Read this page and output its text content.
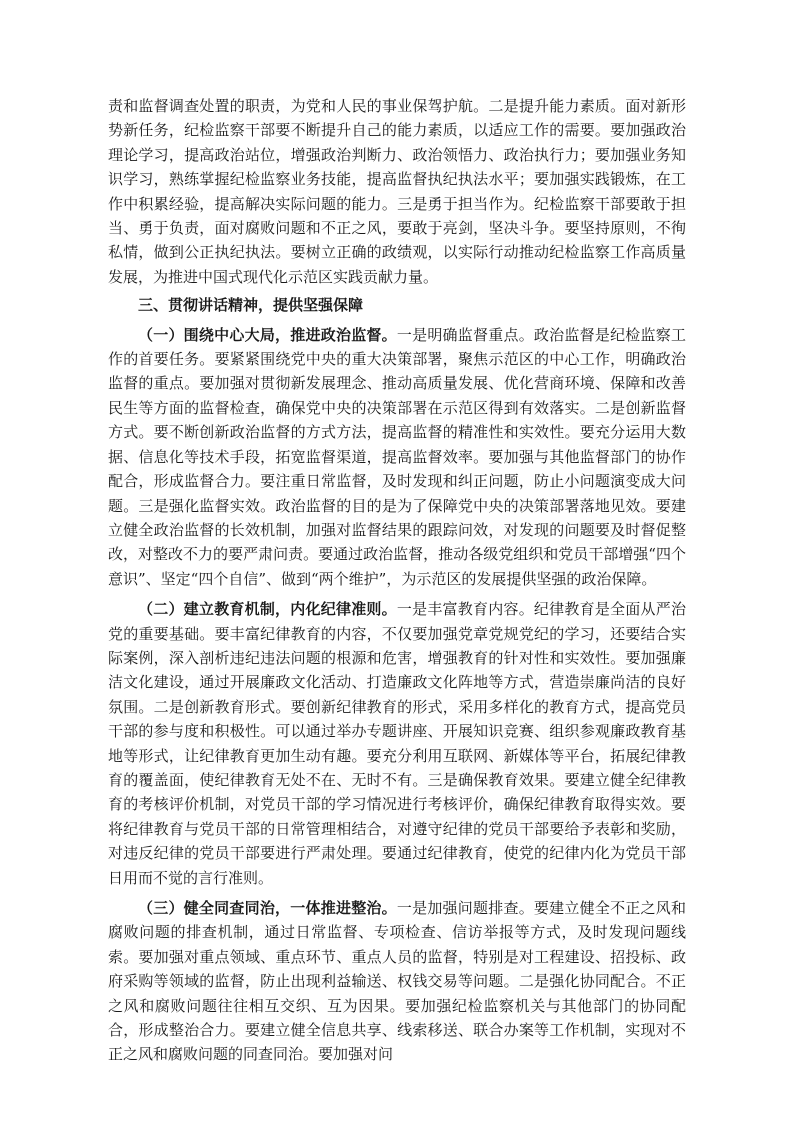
责和监督调查处置的职责，为党和人民的事业保驾护航。二是提升能力素质。面对新形势新任务，纪检监察干部要不断提升自己的能力素质，以适应工作的需要。要加强政治理论学习，提高政治站位，增强政治判断力、政治领悟力、政治执行力；要加强业务知识学习，熟练掌握纪检监察业务技能，提高监督执纪执法水平；要加强实践锻炼，在工作中积累经验，提高解决实际问题的能力。三是勇于担当作为。纪检监察干部要敢于担当、勇于负责，面对腐败问题和不正之风，要敢于亮剑，坚决斗争。要坚持原则，不徇私情，做到公正执纪执法。要树立正确的政绩观，以实际行动推动纪检监察工作高质量发展，为推进中国式现代化示范区实践贡献力量。

三、贯彻讲话精神，提供坚强保障

（一）围绕中心大局，推进政治监督。一是明确监督重点。政治监督是纪检监察工作的首要任务。要紧紧围绕党中央的重大决策部署，聚焦示范区的中心工作，明确政治监督的重点。要加强对贯彻新发展理念、推动高质量发展、优化营商环境、保障和改善民生等方面的监督检查，确保党中央的决策部署在示范区得到有效落实。二是创新监督方式。要不断创新政治监督的方式方法，提高监督的精准性和实效性。要充分运用大数据、信息化等技术手段，拓宽监督渠道，提高监督效率。要加强与其他监督部门的协作配合，形成监督合力。要注重日常监督，及时发现和纠正问题，防止小问题演变成大问题。三是强化监督实效。政治监督的目的是为了保障党中央的决策部署落地见效。要建立健全政治监督的长效机制，加强对监督结果的跟踪问效，对发现的问题要及时督促整改，对整改不力的要严肃问责。要通过政治监督，推动各级党组织和党员干部增强“四个意识”、坚定“四个自信”、做到“两个维护”，为示范区的发展提供坚强的政治保障。

（二）建立教育机制，内化纪律准则。一是丰富教育内容。纪律教育是全面从严治党的重要基础。要丰富纪律教育的内容，不仅要加强党章党规党纪的学习，还要结合实际案例，深入剖析违纪违法问题的根源和危害，增强教育的针对性和实效性。要加强廉洁文化建设，通过开展廉政文化活动、打造廉政文化阵地等方式，营造崇廉尚洁的良好氛围。二是创新教育形式。要创新纪律教育的形式，采用多样化的教育方式，提高党员干部的参与度和积极性。可以通过举办专题讲座、开展知识竞赛、组织参观廉政教育基地等形式，让纪律教育更加生动有趣。要充分利用互联网、新媒体等平台，拓展纪律教育的覆盖面，使纪律教育无处不在、无时不有。三是确保教育效果。要建立健全纪律教育的考核评价机制，对党员干部的学习情况进行考核评价，确保纪律教育取得实效。要将纪律教育与党员干部的日常管理相结合，对遵守纪律的党员干部要给予表彰和奖励，对违反纪律的党员干部要进行严肃处理。要通过纪律教育，使党的纪律内化为党员干部日用而不觉的言行准则。

（三）健全同查同治，一体推进整治。一是加强问题排查。要建立健全不正之风和腐败问题的排查机制，通过日常监督、专项检查、信访举报等方式，及时发现问题线索。要加强对重点领域、重点环节、重点人员的监督，特别是对工程建设、招投标、政府采购等领域的监督，防止出现利益输送、权钱交易等问题。二是强化协同配合。不正之风和腐败问题往往相互交织、互为因果。要加强纪检监察机关与其他部门的协同配合，形成整治合力。要建立健全信息共享、线索移送、联合办案等工作机制，实现对不正之风和腐败问题的同查同治。要加强对问
